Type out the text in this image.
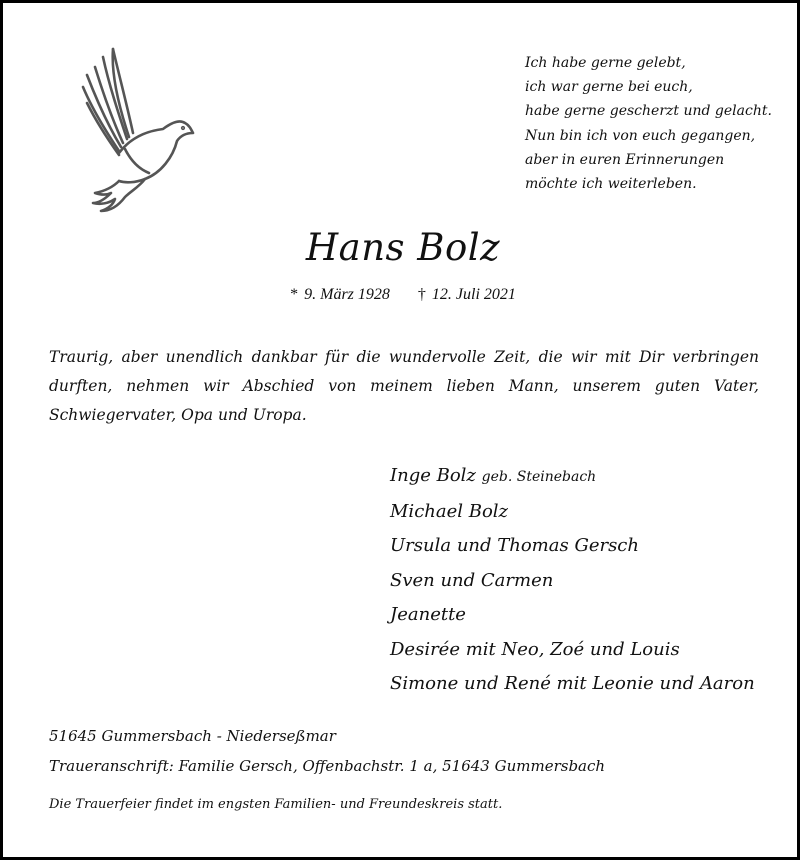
Ich habe gerne gelebt,
ich war gerne bei euch,
habe gerne gescherzt und gelacht.
Nun bin ich von euch gegangen,
aber in euren Erinnerungen
möchte ich weiterleben.
Hans Bolz
* 9. März 1928 † 12. Juli 2021
Traurig, aber unendlich dankbar für die wundervolle Zeit, die wir mit Dir verbringen
durften, nehmen wir Abschied von meinem lieben Mann, unserem guten Vater,
Schwiegervater, Opa und Uropa.
Inge Bolz geb. Steinebach
Michael Bolz
Ursula und Thomas Gersch
Sven und Carmen
Jeanette
Desirée mit Neo, Zoé und Louis
Simone und René mit Leonie und Aaron
51645 Gummersbach - Niederseßmar
Traueranschrift: Familie Gersch, Offenbachstr. 1 a, 51643 Gummersbach
Die Trauerfeier findet im engsten Familien- und Freundeskreis statt.
